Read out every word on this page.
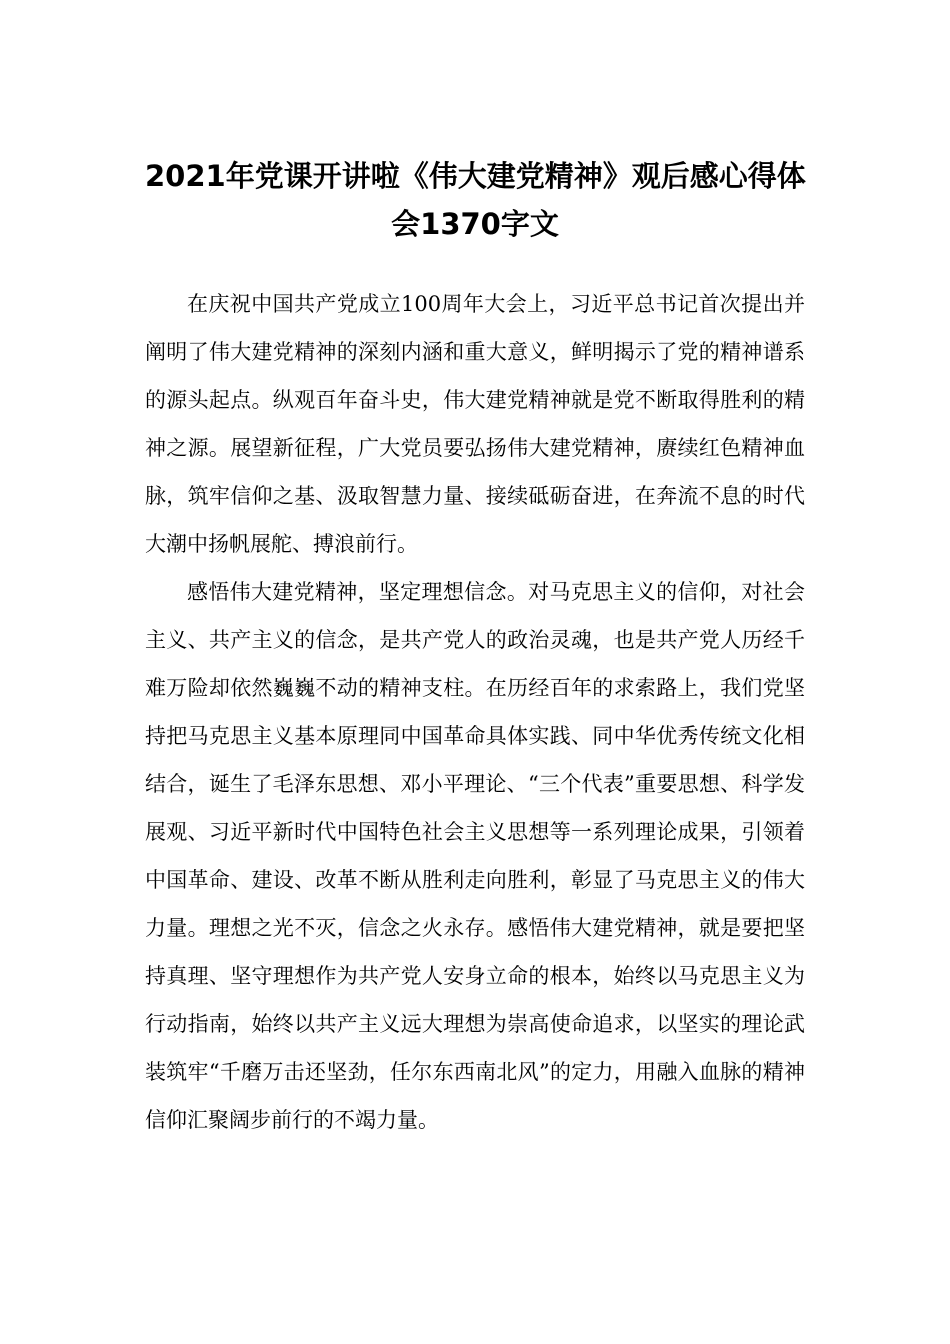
2021年党课开讲啦《伟大建党精神》观后感心得体
会1370字文

在庆祝中国共产党成立100周年大会上，习近平总书记首次提出并阐明了伟大建党精神的深刻内涵和重大意义，鲜明揭示了党的精神谱系的源头起点。纵观百年奋斗史，伟大建党精神就是党不断取得胜利的精神之源。展望新征程，广大党员要弘扬伟大建党精神，赓续红色精神血脉，筑牢信仰之基、汲取智慧力量、接续砥砺奋进，在奔流不息的时代大潮中扬帆展舵、搏浪前行。

感悟伟大建党精神，坚定理想信念。对马克思主义的信仰，对社会主义、共产主义的信念，是共产党人的政治灵魂，也是共产党人历经千难万险却依然巍巍不动的精神支柱。在历经百年的求索路上，我们党坚持把马克思主义基本原理同中国革命具体实践、同中华优秀传统文化相结合，诞生了毛泽东思想、邓小平理论、“三个代表”重要思想、科学发展观、习近平新时代中国特色社会主义思想等一系列理论成果，引领着中国革命、建设、改革不断从胜利走向胜利，彰显了马克思主义的伟大力量。理想之光不灭，信念之火永存。感悟伟大建党精神，就是要把坚持真理、坚守理想作为共产党人安身立命的根本，始终以马克思主义为行动指南，始终以共产主义远大理想为崇高使命追求，以坚实的理论武装筑牢“千磨万击还坚劲，任尔东西南北风”的定力，用融入血脉的精神信仰汇聚阔步前行的不竭力量。
